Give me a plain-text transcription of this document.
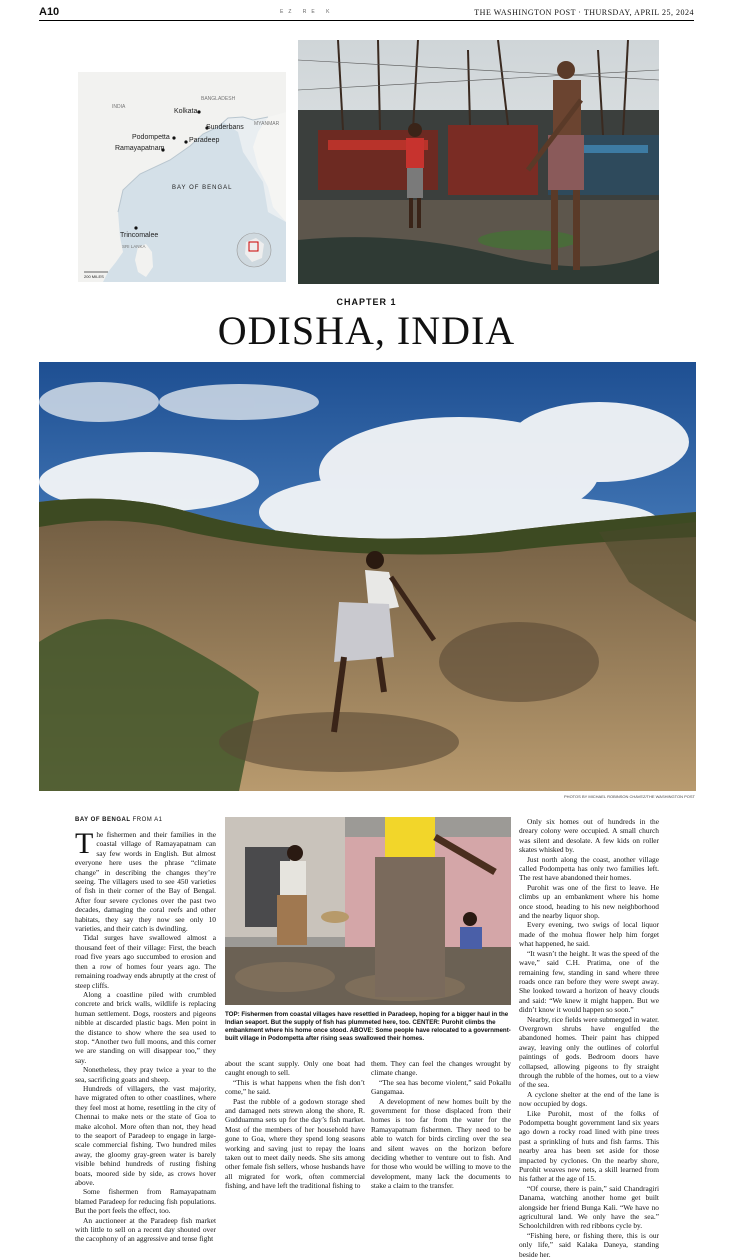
A10	EZ RE K	THE WASHINGTON POST · THURSDAY, APRIL 25, 2024
BANGLADESH
INDIA
Kolkata
Sunderbans MYANMAR
Podompetta	Paradeep
Ramayapatnam
BAY OF BENGAL
Trincomalee
SRI LANKA
200 MILES
CHAPTER 1
ODISHA, INDIA
PHOTOS BY MICHAEL ROBINSON CHAVEZ/THE WASHINGTON POST
BAY OF BENGAL FROM A1

The fishermen and their families in the coastal village of Ramayapatnam can say few words in English. But almost everyone here uses the phrase “climate change” in describing the changes they’re seeing. The villagers used to see 450 varieties of fish in their corner of the Bay of Bengal. After four severe cyclones over the past two decades, damaging the coral reefs and other habitats, they say they now see only 10 varieties, and their catch is dwindling.

Tidal surges have swallowed almost a thousand feet of their village: First, the beach road five years ago succumbed to erosion and then a row of homes four years ago. The remaining roadway ends abruptly at the crest of steep cliffs.

Along a coastline piled with crumbled concrete and brick walls, wildlife is replacing human settlement. Dogs, roosters and pigeons nibble at discarded plastic bags. Men point in the distance to show where the sea used to stop. “Another two full moons, and this corner we are standing on will disappear too,” they say.

Nonetheless, they pray twice a year to the sea, sacrificing goats and sheep.

Hundreds of villagers, the vast majority, have migrated often to other coastlines, where they feel most at home, resettling in the city of Chennai to make nets or the state of Goa to make alcohol. More often than not, they head to the seaport of Paradeep to engage in large-scale commercial fishing. Two hundred miles away, the gloomy gray-green water is barely visible behind hundreds of rusting fishing boats, moored side by side, as crows hover above.

Some fishermen from Ramayapatnam blamed Paradeep for reducing fish populations. But the port feels the effect, too.

An auctioneer at the Paradeep fish market with little to sell on a recent day shouted over the cacophony of an aggressive and tense fight

TOP: Fishermen from coastal villages have resettled in Paradeep, hoping for a bigger haul in the Indian seaport. But the supply of fish has plummeted here, too. CENTER: Purohit climbs the embankment where his home once stood. ABOVE: Some people have relocated to a government-built village in Podompetta after rising seas swallowed their homes.

about the scant supply. Only one boat had caught enough to sell.

“This is what happens when the fish don’t come,” he said.

Past the rubble of a godown storage shed and damaged nets strewn along the shore, R. Gudduamma sets up for the day’s fish market. Most of the members of her household have gone to Goa, where they spend long seasons working and saving just to repay the loans taken out to meet daily needs. She sits among other female fish sellers, whose husbands have all migrated for work, often commercial fishing, and have left the traditional fishing to

them. They can feel the changes wrought by climate change.

“The sea has become violent,” said Pokallu Gangamaa.

A development of new homes built by the government for those displaced from their homes is too far from the water for the Ramayapatnam fishermen. They need to be able to watch for birds circling over the sea and silent waves on the horizon before deciding whether to venture out to fish. And for those who would be willing to move to the development, many lack the documents to stake a claim to the transfer.

Only six homes out of hundreds in the dreary colony were occupied. A small church was silent and desolate. A few kids on roller skates whisked by.

Just north along the coast, another village called Podompetta has only two families left. The rest have abandoned their homes.

Purohit was one of the first to leave. He climbs up an embankment where his home once stood, heading to his new neighborhood and the nearby liquor shop.

Every evening, two swigs of local liquor made of the mohua flower help him forget what happened, he said.

“It wasn’t the height. It was the speed of the wave,” said C.H. Pratima, one of the remaining few, standing in sand where three roads once ran before they were swept away. She looked toward a horizon of heavy clouds and said: “We knew it might happen. But we didn’t know it would happen so soon.”

Nearby, rice fields were submerged in water. Overgrown shrubs have engulfed the abandoned homes. Their paint has chipped away, leaving only the outlines of colorful paintings of gods. Bedroom doors have collapsed, allowing pigeons to fly straight through the rubble of the homes, out to a view of the sea.

A cyclone shelter at the end of the lane is now occupied by dogs.

Like Purohit, most of the folks of Podompetta bought government land six years ago down a rocky road lined with pine trees past a sprinkling of huts and fish farms. This nearby area has been set aside for those impacted by cyclones. On the nearby shore, Purohit weaves new nets, a skill learned from his father at the age of 15.

“Of course, there is pain,” said Chandragiri Danama, watching another home get built alongside her friend Bunga Kali. “We have no agricultural land. We only have the sea.” Schoolchildren with red ribbons cycle by.

“Fishing here, or fishing there, this is our only life,” said Kalaka Daneya, standing beside her.
